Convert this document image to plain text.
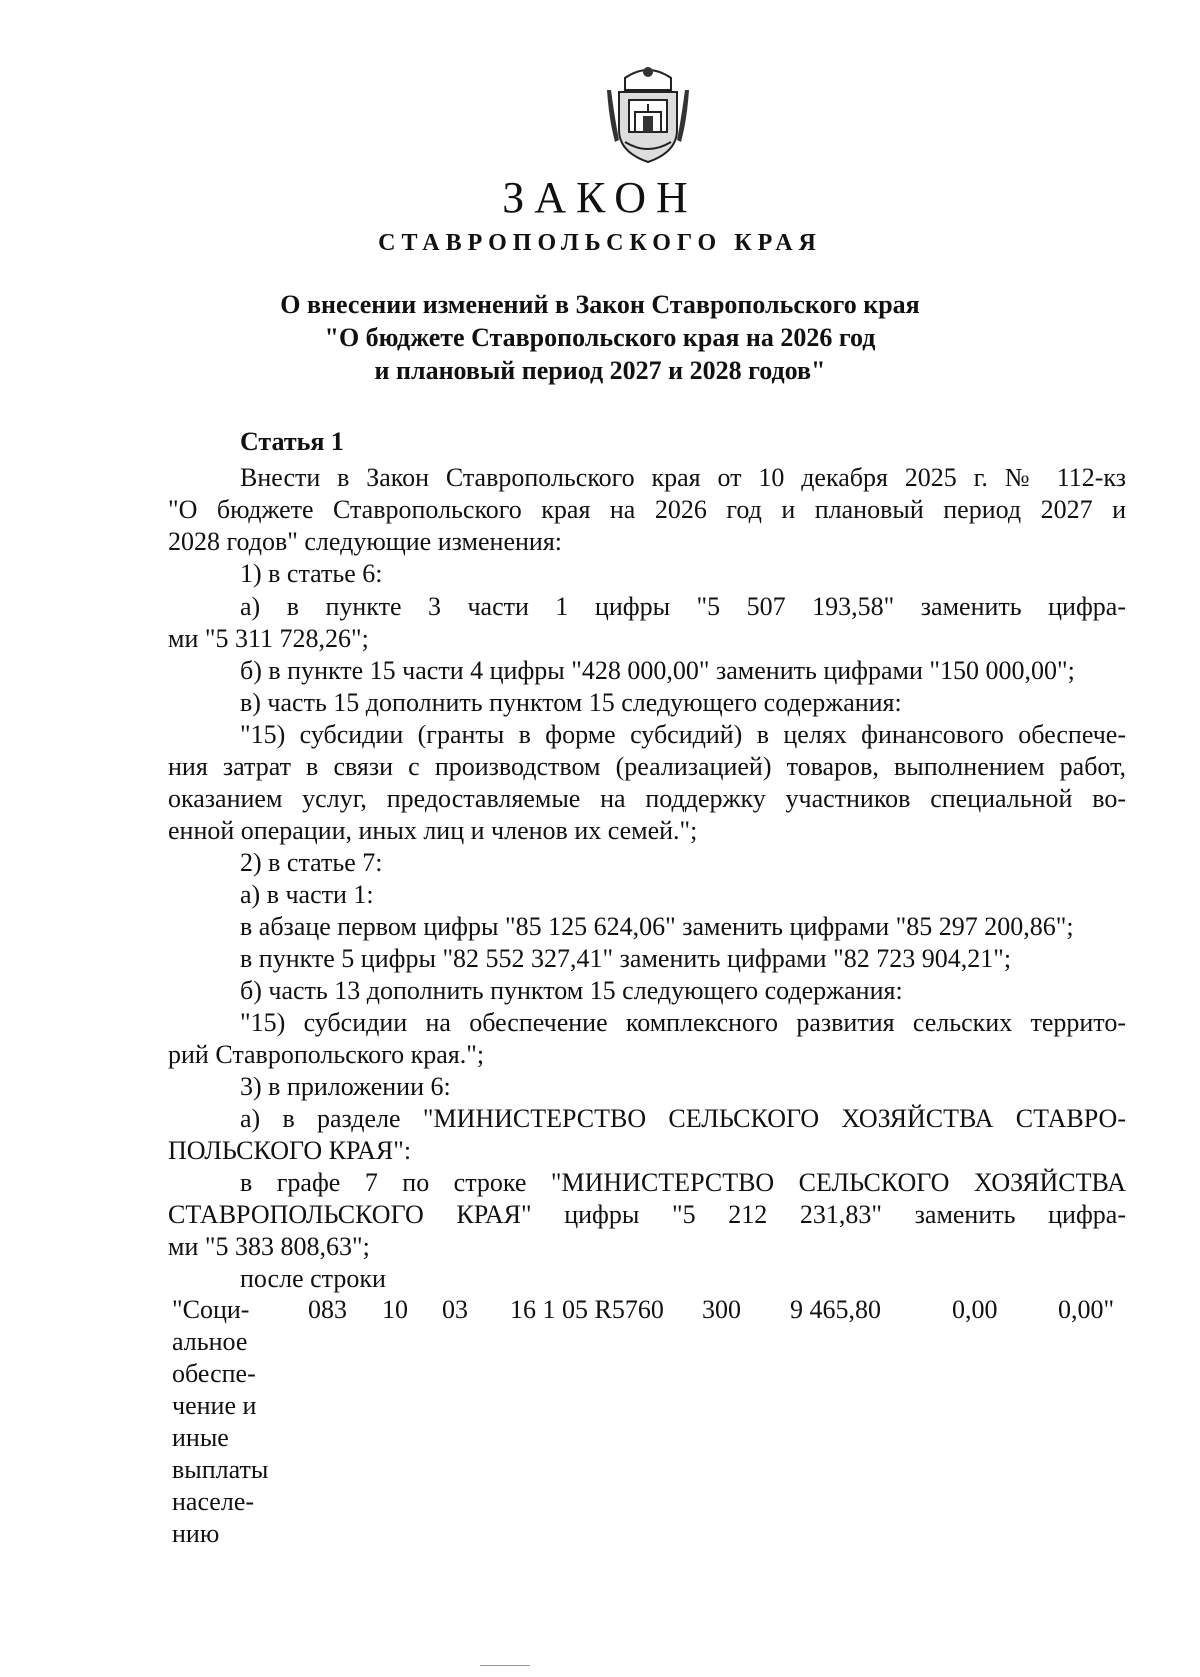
ЗАКОН
СТАВРОПОЛЬСКОГО КРАЯ
О внесении изменений в Закон Ставропольского края
"О бюджете Ставропольского края на 2026 год
и плановый период 2027 и 2028 годов"
Статья 1
Внести в Закон Ставропольского края от 10 декабря 2025 г. № 112-кз
"О бюджете Ставропольского края на 2026 год и плановый период 2027 и
2028 годов" следующие изменения:
1) в статье 6:
а) в пункте 3 части 1 цифры "5 507 193,58" заменить цифра-
ми "5 311 728,26";
б) в пункте 15 части 4 цифры "428 000,00" заменить цифрами "150 000,00";
в) часть 15 дополнить пунктом 15 следующего содержания:
"15) субсидии (гранты в форме субсидий) в целях финансового обеспече-
ния затрат в связи с производством (реализацией) товаров, выполнением работ,
оказанием услуг, предоставляемые на поддержку участников специальной во-
енной операции, иных лиц и членов их семей.";
2) в статье 7:
а) в части 1:
в абзаце первом цифры "85 125 624,06" заменить цифрами "85 297 200,86";
в пункте 5 цифры "82 552 327,41" заменить цифрами "82 723 904,21";
б) часть 13 дополнить пунктом 15 следующего содержания:
"15) субсидии на обеспечение комплексного развития сельских террито-
рий Ставропольского края.";
3) в приложении 6:
а) в разделе "МИНИСТЕРСТВО СЕЛЬСКОГО ХОЗЯЙСТВА СТАВРО-
ПОЛЬСКОГО КРАЯ":
в графе 7 по строке "МИНИСТЕРСТВО СЕЛЬСКОГО ХОЗЯЙСТВА
СТАВРОПОЛЬСКОГО КРАЯ" цифры "5 212 231,83" заменить цифра-
ми "5 383 808,63";
после строки
"Соци-
альное
обеспе-
чение и
иные
выплаты
населе-
нию
083 10 03 16 1 05 R5760 300 9 465,80	0,00 0,00"
